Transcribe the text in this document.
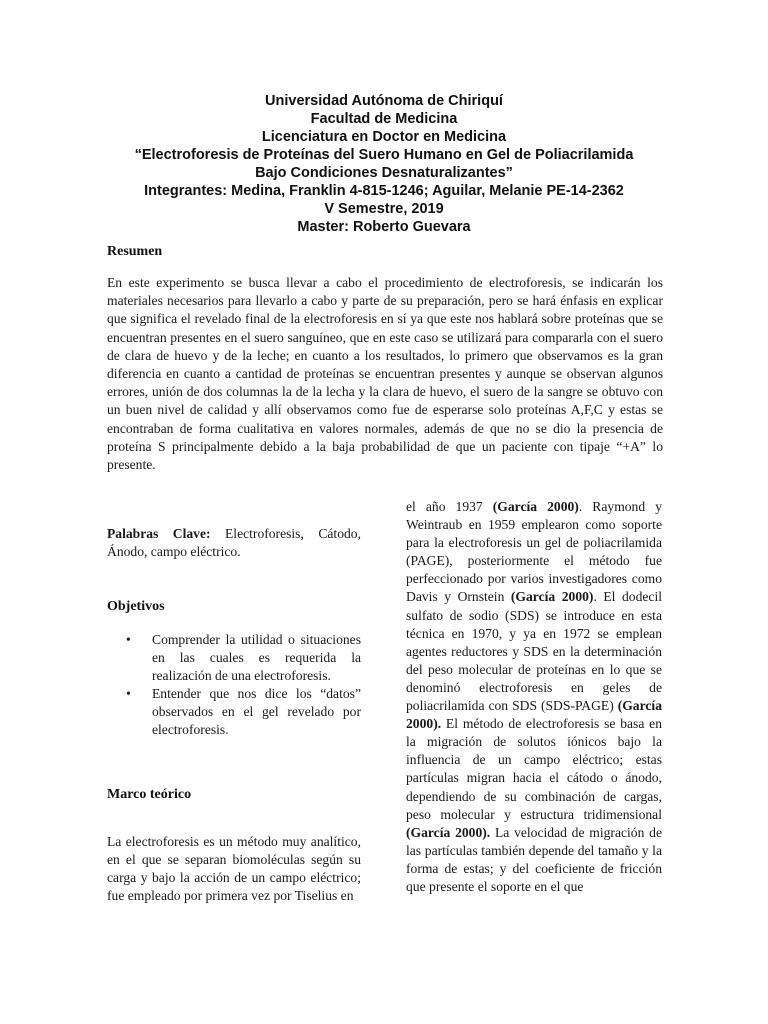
Universidad Autónoma de Chiriquí
Facultad de Medicina
Licenciatura en Doctor en Medicina
“Electroforesis de Proteínas del Suero Humano en Gel de Poliacrilamida
Bajo Condiciones Desnaturalizantes”
Integrantes: Medina, Franklin 4-815-1246; Aguilar, Melanie PE-14-2362
V Semestre, 2019
Master: Roberto Guevara
Resumen
En este experimento se busca llevar a cabo el procedimiento de electroforesis, se indicarán los materiales necesarios para llevarlo a cabo y parte de su preparación, pero se hará énfasis en explicar que significa el revelado final de la electroforesis en sí ya que este nos hablará sobre proteínas que se encuentran presentes en el suero sanguíneo, que en este caso se utilizará para compararla con el suero de clara de huevo y de la leche; en cuanto a los resultados, lo primero que observamos es la gran diferencia en cuanto a cantidad de proteínas se encuentran presentes y aunque se observan algunos errores, unión de dos columnas la de la lecha y la clara de huevo, el suero de la sangre se obtuvo con un buen nivel de calidad y allí observamos como fue de esperarse solo proteínas A,F,C y estas se encontraban de forma cualitativa en valores normales, además de que no se dio la presencia de proteína S principalmente debido a la baja probabilidad de que un paciente con tipaje “+A” lo presente.
Palabras Clave: Electroforesis, Cátodo, Ánodo, campo eléctrico.
Objetivos
• Comprender la utilidad o situaciones en las cuales es requerida la realización de una electroforesis.
• Entender que nos dice los “datos” observados en el gel revelado por electroforesis.
Marco teórico
La electroforesis es un método muy analítico, en el que se separan biomoléculas según su carga y bajo la acción de un campo eléctrico; fue empleado por primera vez por Tiselius en
el año 1937 (García 2000). Raymond y Weintraub en 1959 emplearon como soporte para la electroforesis un gel de poliacrilamida (PAGE), posteriormente el método fue perfeccionado por varios investigadores como Davis y Ornstein (García 2000). El dodecil sulfato de sodio (SDS) se introduce en esta técnica en 1970, y ya en 1972 se emplean agentes reductores y SDS en la determinación del peso molecular de proteínas en lo que se denominó electroforesis en geles de poliacrilamida con SDS (SDS-PAGE) (García 2000). El método de electroforesis se basa en la migración de solutos iónicos bajo la influencia de un campo eléctrico; estas partículas migran hacia el cátodo o ánodo, dependiendo de su combinación de cargas, peso molecular y estructura tridimensional (García 2000). La velocidad de migración de las partículas también depende del tamaño y la forma de estas; y del coeficiente de fricción que presente el soporte en el que
